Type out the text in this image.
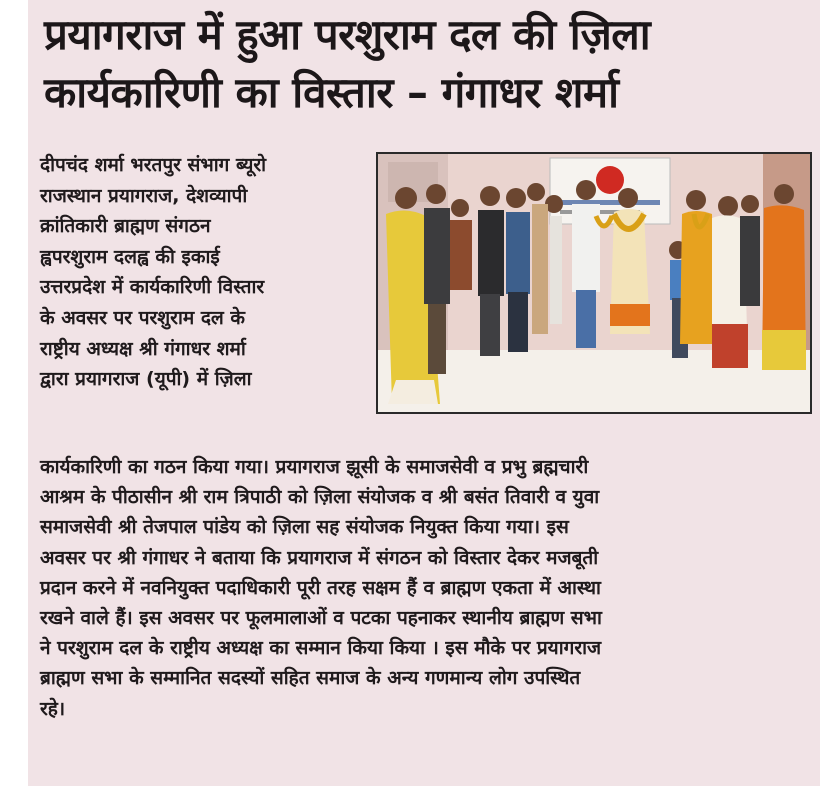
प्रयागराज में हुआ परशुराम दल की ज़िला
कार्यकारिणी का विस्तार – गंगाधर शर्मा
दीपचंद शर्मा भरतपुर संभाग ब्यूरो
राजस्थान प्रयागराज, देशव्यापी
क्रांतिकारी ब्राह्मण संगठन
ह्वपरशुराम दलह्व की इकाई
उत्तरप्रदेश में कार्यकारिणी विस्तार
के अवसर पर परशुराम दल के
राष्ट्रीय अध्यक्ष श्री गंगाधर शर्मा
द्वारा प्रयागराज (यूपी) में ज़िला
कार्यकारिणी का गठन किया गया। प्रयागराज झूसी के समाजसेवी व प्रभु ब्रह्मचारी
आश्रम के पीठासीन श्री राम त्रिपाठी को ज़िला संयोजक व श्री बसंत तिवारी व युवा
समाजसेवी श्री तेजपाल पांडेय को ज़िला सह संयोजक नियुक्त किया गया। इस
अवसर पर श्री गंगाधर ने बताया कि प्रयागराज में संगठन को विस्तार देकर मजबूती
प्रदान करने में नवनियुक्त पदाधिकारी पूरी तरह सक्षम हैं व ब्राह्मण एकता में आस्था
रखने वाले हैं। इस अवसर पर फूलमालाओं व पटका पहनाकर स्थानीय ब्राह्मण सभा
ने परशुराम दल के राष्ट्रीय अध्यक्ष का सम्मान किया किया । इस मौके पर प्रयागराज
ब्राह्मण सभा के सम्मानित सदस्यों सहित समाज के अन्य गणमान्य लोग उपस्थित
रहे।
